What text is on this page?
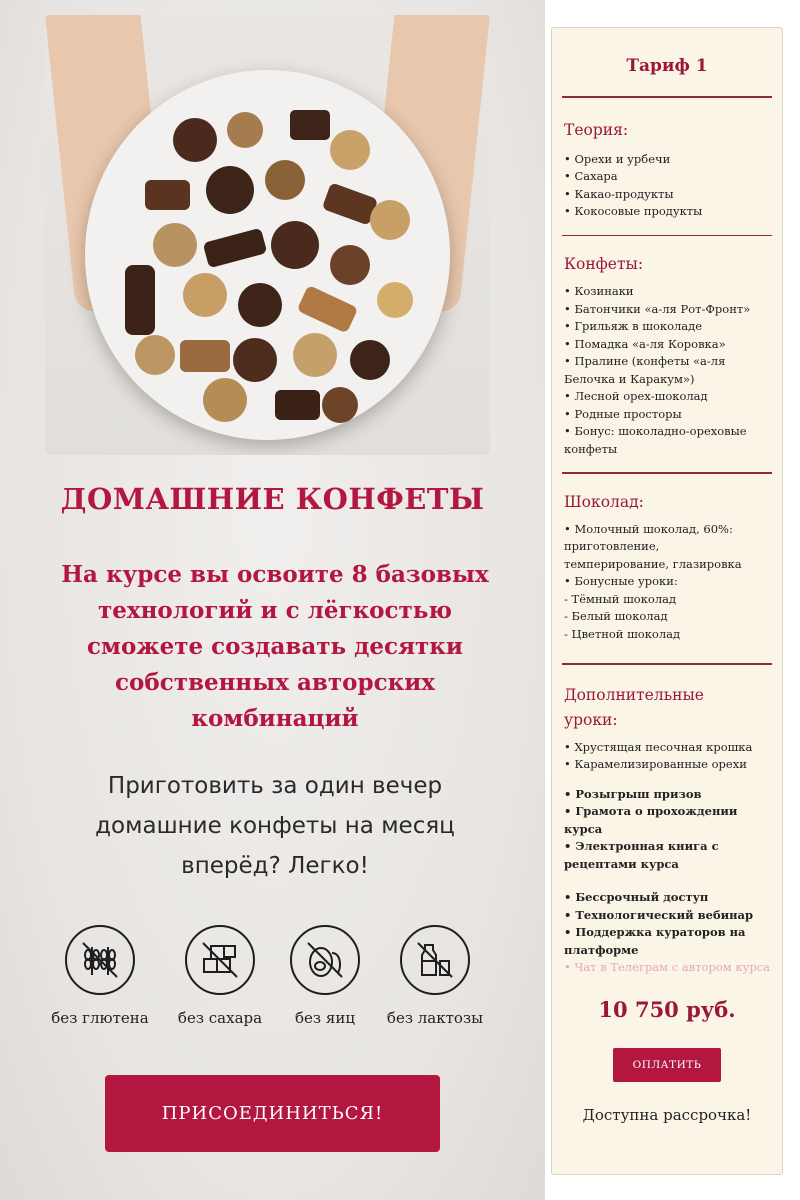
ДОМАШНИЕ КОНФЕТЫ
На курсе вы освоите 8 базовых
технологий и с лёгкостью
сможете создавать десятки
собственных авторских
комбинаций
Приготовить за один вечер
домашние конфеты на месяц
вперёд? Легко!
без глютена	без сахара	без яиц	без лактозы
ПРИСОЕДИНИТЬСЯ!
Тариф 1
Теория:
• Орехи и урбечи
• Сахара
• Какао-продукты
• Кокосовые продукты
Конфеты:
• Козинаки
• Батончики «а-ля Рот-Фронт»
• Грильяж в шоколаде
• Помадка «а-ля Коровка»
• Пралине (конфеты «а-ля
Белочка и Каракум»)
• Лесной орех-шоколад
• Родные просторы
• Бонус: шоколадно-ореховые
конфеты
Шоколад:
• Молочный шоколад, 60%:
приготовление,
темперирование, глазировка
• Бонусные уроки:
- Тёмный шоколад
- Белый шоколад
- Цветной шоколад
Дополнительные
уроки:
• Хрустящая песочная крошка
• Карамелизированные орехи
• Розыгрыш призов
• Грамота о прохождении курса
• Электронная книга с
рецептами курса
• Бессрочный доступ
• Технологический вебинар
• Поддержка кураторов на
платформе
• Чат в Телеграм с автором курса
10 750 руб.
ОПЛАТИТЬ
Доступна рассрочка!
